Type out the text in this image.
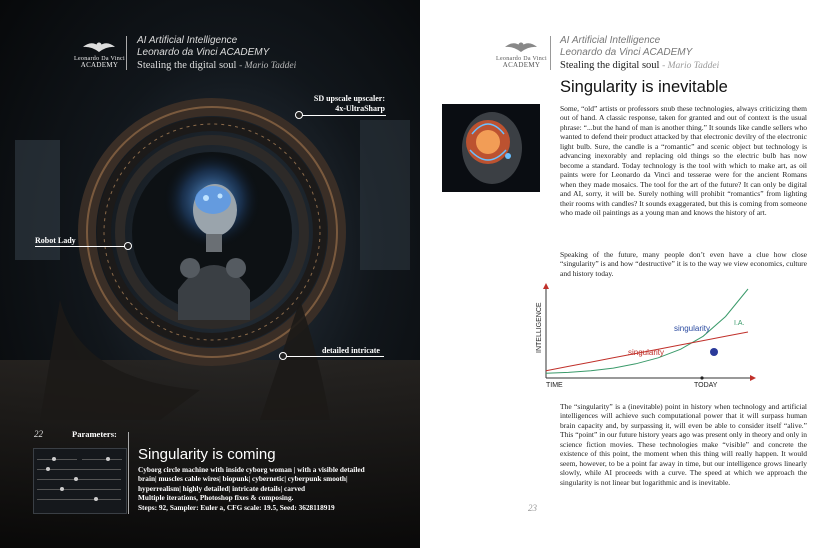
Leonardo Da Vinci
ACADEMY
AI Artificial Intelligence
Leonardo da Vinci ACADEMY
Stealing the digital soul - Mario Taddei
SD upscale upscaler:
4x-UltraSharp
Robot Lady
detailed intricate
22	Parameters:
Singularity is coming
Cyborg circle machine with inside cyborg woman | with a visible detailed
brain| muscles cable wires| biopunk| cybernetic| cyberpunk smooth|
hyperrealism| highly detailed| intricate details| carved
Multiple iterations, Photoshop fixes & composing.
Steps: 92, Sampler: Euler a, CFG scale: 19.5, Seed: 3628118919
Leonardo Da Vinci
ACADEMY
AI Artificial Intelligence
Leonardo da Vinci ACADEMY
Stealing the digital soul - Mario Taddei
Singularity is inevitable
Some, “old” artists or professors snub these technologies, always criticizing them out of hand. A classic response, taken for granted and out of context is the usual phrase: “...but the hand of man is another thing.” It sounds like candle sellers who wanted to defend their product attacked by that electronic devilry of the electronic light bulb. Sure, the candle is a “romantic” and scenic object but technology is advancing inexorably and replacing old things so the electric bulb has now become a standard. Today technology is the tool with which to make art, as oil paints were for Leonardo da Vinci and tesserae were for the ancient Romans when they made mosaics. The tool for the art of the future? It can only be digital and AI, sorry, it will be. Surely nothing will prohibit “romantics” from lighting their rooms with candles? It sounds exaggerated, but this is coming from someone who made oil paintings as a young man and knows the history of art.
Speaking of the future, many people don’t even have a clue how close “singularity” is and how “destructive” it is to the way we view economics, culture and history today.
INTELLIGENCE
TIME	TODAY
singularity
singularity
I.A.
The “singularity” is a (inevitable) point in history when technology and artificial intelligences will achieve such computational power that it will surpass human brain capacity and, by surpassing it, will even be able to consider itself “alive.” This “point” in our future history years ago was present only in theory and only in science fiction movies. These technologies make “visible” and concrete the existence of this point, the moment when this thing will really happen. It would seem, however, to be a point far away in time, but our intelligence grows linearly slowly, while AI proceeds with a curve. The speed at which we approach the singularity is not linear but logarithmic and is inevitable.
23
